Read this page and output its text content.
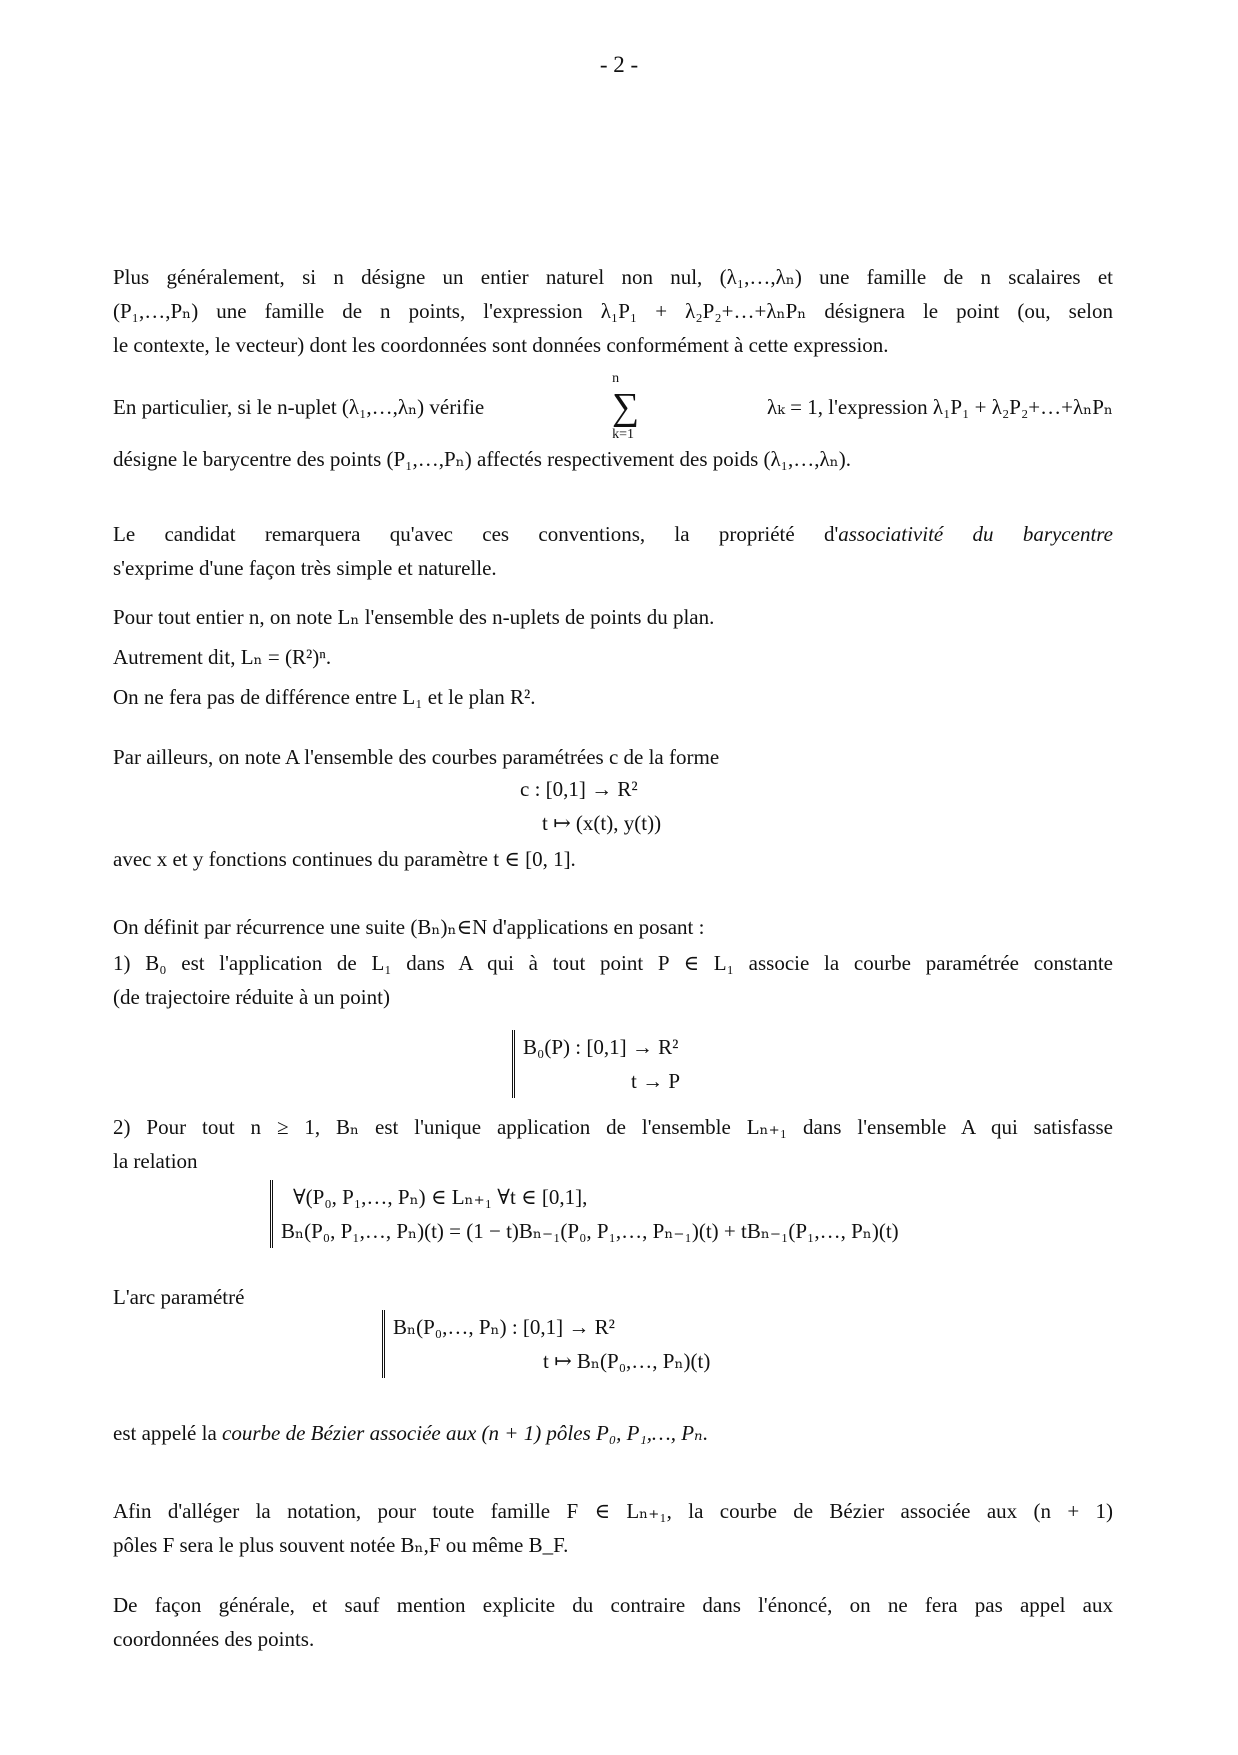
- 2 -
Plus généralement, si n désigne un entier naturel non nul, (λ₁,…,λₙ) une famille de n scalaires et
(P₁,…,Pₙ) une famille de n points, l'expression λ₁P₁ + λ₂P₂+…+λₙPₙ désignera le point (ou, selon
le contexte, le vecteur) dont les coordonnées sont données conformément à cette expression.
En particulier, si le n-uplet (λ₁,…,λₙ) vérifie
n
∑
k=1
λₖ = 1, l'expression λ₁P₁ + λ₂P₂+…+λₙPₙ
désigne le barycentre des points (P₁,…,Pₙ) affectés respectivement des poids (λ₁,…,λₙ).
Le candidat remarquera qu'avec ces conventions, la propriété d'associativité du barycentre
s'exprime d'une façon très simple et naturelle.
Pour tout entier n, on note Lₙ l'ensemble des n-uplets de points du plan.
Autrement dit, Lₙ = (R²)ⁿ.
On ne fera pas de différence entre L₁ et le plan R².
Par ailleurs, on note A l'ensemble des courbes paramétrées c de la forme
c : [0,1] → R²
t ↦ (x(t), y(t))
avec x et y fonctions continues du paramètre t ∈ [0, 1].
On définit par récurrence une suite (Bₙ)ₙ∈N d'applications en posant :
1) B₀ est l'application de L₁ dans A qui à tout point P ∈ L₁ associe la courbe paramétrée constante
(de trajectoire réduite à un point)
B₀(P) : [0,1] → R²
t → P
2) Pour tout n ≥ 1, Bₙ est l'unique application de l'ensemble Lₙ₊₁ dans l'ensemble A qui satisfasse
la relation
∀(P₀, P₁,…, Pₙ) ∈ Lₙ₊₁ ∀t ∈ [0,1],
Bₙ(P₀, P₁,…, Pₙ)(t) = (1 − t)Bₙ₋₁(P₀, P₁,…, Pₙ₋₁)(t) + tBₙ₋₁(P₁,…, Pₙ)(t)
L'arc paramétré
Bₙ(P₀,…, Pₙ) : [0,1] → R²
t ↦ Bₙ(P₀,…, Pₙ)(t)
est appelé la courbe de Bézier associée aux (n + 1) pôles P₀, P₁,…, Pₙ.
Afin d'alléger la notation, pour toute famille F ∈ Lₙ₊₁, la courbe de Bézier associée aux (n + 1)
pôles F sera le plus souvent notée Bₙ,F ou même B_F.
De façon générale, et sauf mention explicite du contraire dans l'énoncé, on ne fera pas appel aux
coordonnées des points.
